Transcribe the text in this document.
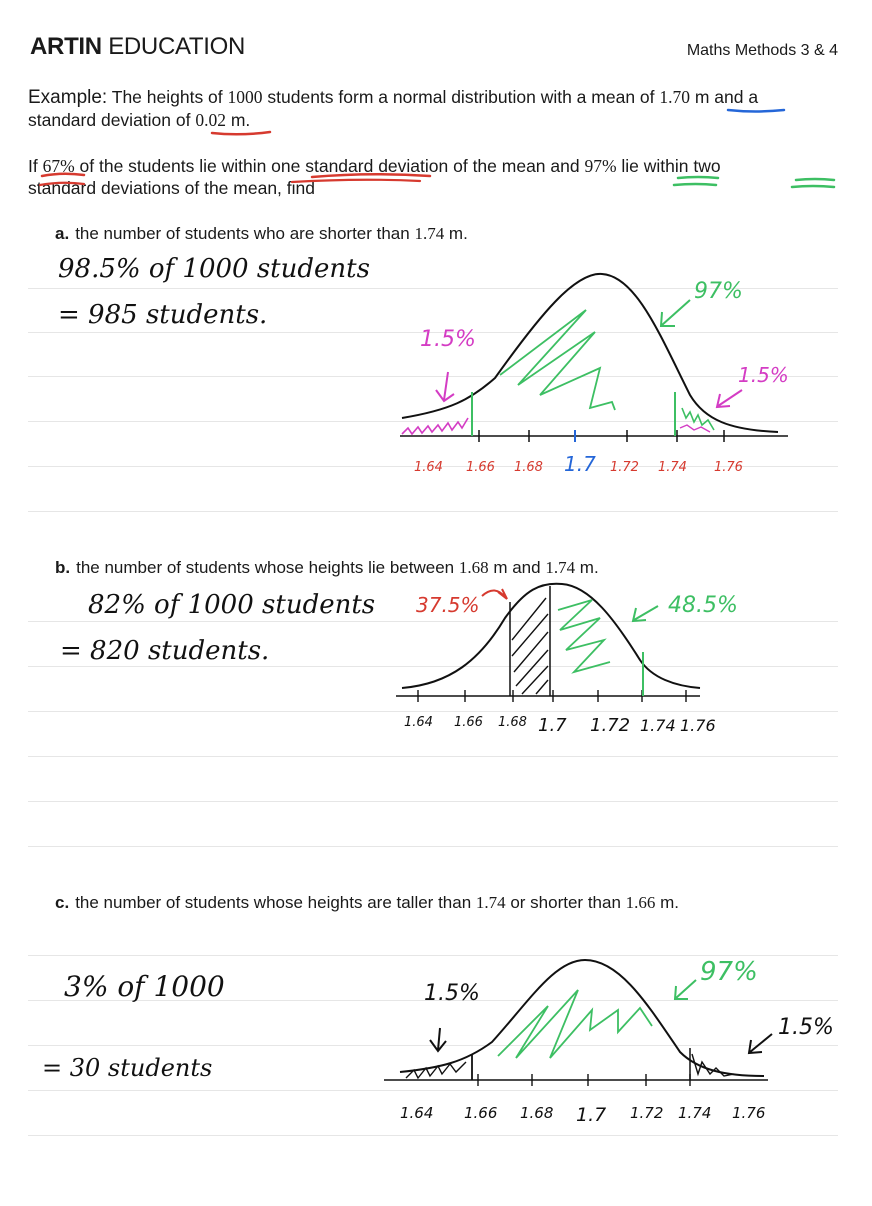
ARTIN EDUCATION	Maths Methods 3 & 4
Example: The heights of 1000 students form a normal distribution with a mean of 1.70 m and a
standard deviation of 0.02 m.
If 67% of the students lie within one standard deviation of the mean and 97% lie within two
standard deviations of the mean, find
a. the number of students who are shorter than 1.74 m.
98.5% of 1000 students
= 985 students.
1.5%
97%
1.5%
1.64 1.66 1.68 1.7 1.72 1.74 1.76
b. the number of students whose heights lie between 1.68 m and 1.74 m.
82% of 1000 students
= 820 students.
37.5%	48.5%
1.64 1.66 1.68 1.7 1.72 1.74 1.76
c. the number of students whose heights are taller than 1.74 or shorter than 1.66 m.
3% of 1000
= 30 students
1.5%
97%
1.5%
1.64 1.66 1.68 1.7 1.72 1.74 1.76
